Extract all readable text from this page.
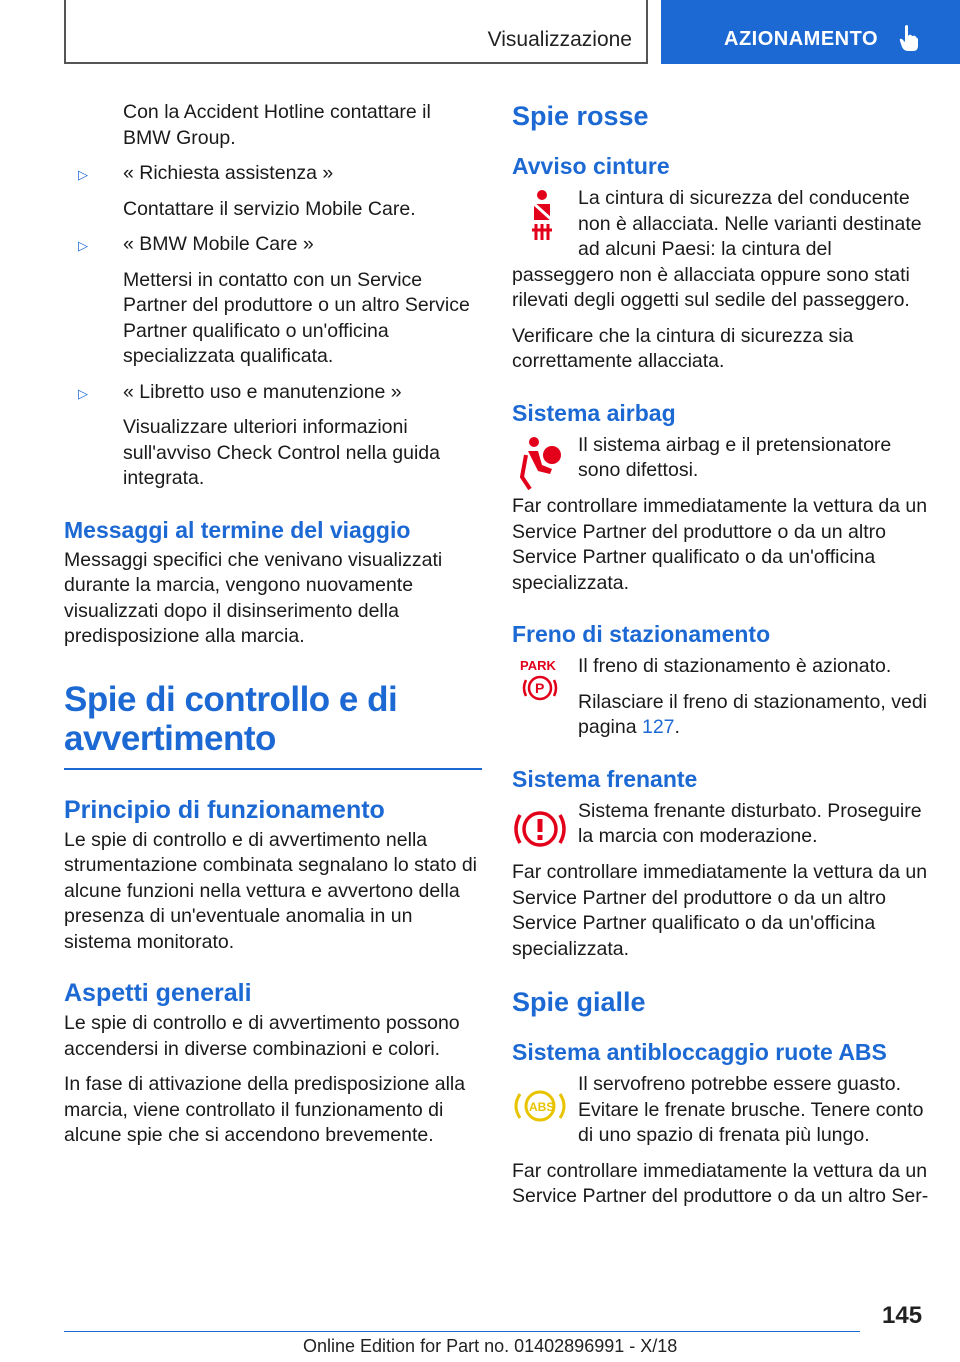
Visualizzazione	AZIONAMENTO

Con la Accident Hotline contattare il BMW Group.

▷ « Richiesta assistenza »

Contattare il servizio Mobile Care.

▷ « BMW Mobile Care »

Mettersi in contatto con un Service Partner del produttore o un altro Service Partner qualificato o un'officina specializzata qualificata.

▷ « Libretto uso e manutenzione »

Visualizzare ulteriori informazioni sull'avviso Check Control nella guida integrata.

Messaggi al termine del viaggio

Messaggi specifici che venivano visualizzati durante la marcia, vengono nuovamente visualizzati dopo il disinserimento della predisposizione alla marcia.

Spie di controllo e di avvertimento
Principio di funzionamento

Le spie di controllo e di avvertimento nella strumentazione combinata segnalano lo stato di alcune funzioni nella vettura e avvertono della presenza di un'eventuale anomalia in un sistema monitorato.

Aspetti generali

Le spie di controllo e di avvertimento possono accendersi in diverse combinazioni e colori.

In fase di attivazione della predisposizione alla marcia, viene controllato il funzionamento di alcune spie che si accendono brevemente.

Spie rosse
Avviso cinture

La cintura di sicurezza del conducente non è allacciata. Nelle varianti destinate ad alcuni Paesi: la cintura del passeggero non è allacciata oppure sono stati rilevati degli oggetti sul sedile del passeggero.

Verificare che la cintura di sicurezza sia correttamente allacciata.

Sistema airbag

Il sistema airbag e il pretensionatore sono difettosi.

Far controllare immediatamente la vettura da un Service Partner del produttore o da un altro Service Partner qualificato o da un'officina specializzata.

Freno di stazionamento
PARK
P

Il freno di stazionamento è azionato.

Rilasciare il freno di stazionamento, vedi pagina 127.

Sistema frenante

Sistema frenante disturbato. Proseguire la marcia con moderazione.

Far controllare immediatamente la vettura da un Service Partner del produttore o da un altro Service Partner qualificato o da un'officina specializzata.

Spie gialle
Sistema antibloccaggio ruote ABS
ABS

Il servofreno potrebbe essere guasto. Evitare le frenate brusche. Tenere conto di uno spazio di frenata più lungo.

Far controllare immediatamente la vettura da un Service Partner del produttore o da un altro Ser-

145
Online Edition for Part no. 01402896991 - X/18
